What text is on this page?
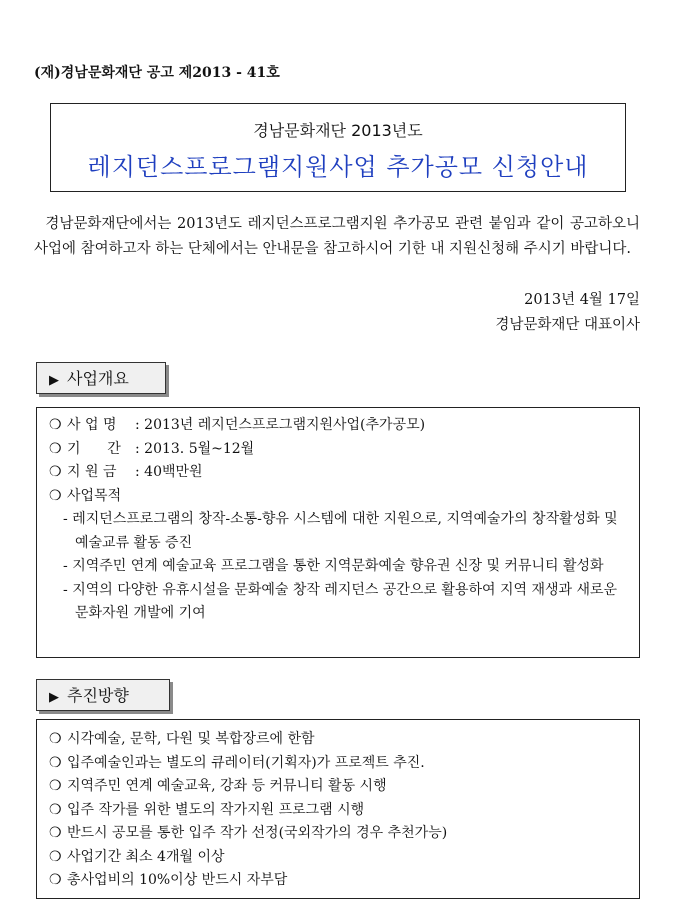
(재)경남문화재단 공고 제2013 - 41호
경남문화재단 2013년도
레지던스프로그램지원사업 추가공모 신청안내
경남문화재단에서는 2013년도 레지던스프로그램지원 추가공모 관련 붙임과 같이 공고하오니 사업에 참여하고자 하는 단체에서는 안내문을 참고하시어 기한 내 지원신청해 주시기 바랍니다.
2013년 4월 17일
경남문화재단 대표이사
▶ 사업개요
❍ 사 업 명 : 2013년 레지던스프로그램지원사업(추가공모)
❍ 기      간 : 2013. 5월~12월
❍ 지 원 금 : 40백만원
❍ 사업목적
- 레지던스프로그램의 창작-소통-향유 시스템에 대한 지원으로, 지역예술가의 창작활성화 및 예술교류 활동 증진
- 지역주민 연계 예술교육 프로그램을 통한 지역문화예술 향유권 신장 및 커뮤니티 활성화
- 지역의 다양한 유휴시설을 문화예술 창작 레지던스 공간으로 활용하여 지역 재생과 새로운 문화자원 개발에 기여
▶ 추진방향
❍ 시각예술, 문학, 다원 및 복합장르에 한함
❍ 입주예술인과는 별도의 큐레이터(기획자)가 프로젝트 추진.
❍ 지역주민 연계 예술교육, 강좌 등 커뮤니티 활동 시행
❍ 입주 작가를 위한 별도의 작가지원 프로그램 시행
❍ 반드시 공모를 통한 입주 작가 선정(국외작가의 경우 추천가능)
❍ 사업기간 최소 4개월 이상
❍ 총사업비의 10%이상 반드시 자부담
